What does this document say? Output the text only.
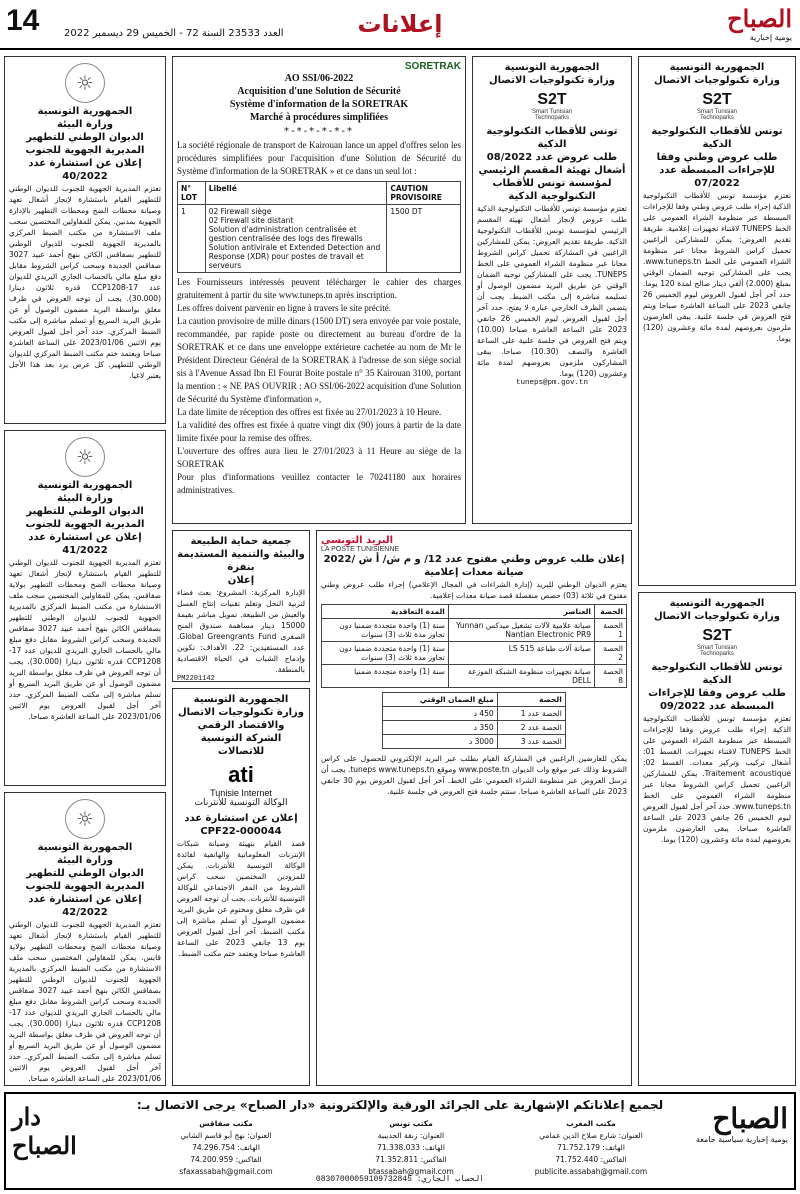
14 العدد 23533 السنة 72 - الخميس 29 ديسمبر 2022	إعلانات	الصباح
يومية إخبارية
☼
الجمهورية التونسية
وزارة البيئة
الديوان الوطني للتطهير
المديرية الجهوية للجنوب
إعلان عن استشارة عدد 40/2022
تعتزم المديرية الجهوية للجنوب للديوان الوطني للتطهير القيام باستشارة لإنجاز أشغال تعهد وصيانة محطات الضخ ومحطات التطهير بالإدارة الجهوية بمدنين. يمكن للمقاولين المختصين سحب ملف الاستشارة من مكتب الضبط المركزي بالمديرية الجهوية للجنوب للديوان الوطني للتطهير بصفاقس الكائن بنهج أحمد عبيد 3027 صفاقس الجديدة وسحب كراس الشروط مقابل دفع مبلغ مالي بالحساب الجاري البريدي للديوان عدد 17-CCP1208 قدره ثلاثون دينارا (30.000). يجب أن توجه العروض في ظرف مغلق بواسطة البريد مضمون الوصول أو عن طريق البريد السريع أو تسلم مباشرة إلى مكتب الضبط المركزي. حدد آخر أجل لقبول العروض يوم الاثنين 2023/01/06 على الساعة العاشرة صباحا ويعتمد ختم مكتب الضبط المركزي للديوان الوطني للتطهير. كل عرض يرد بعد هذا الأجل يعتبر لاغيا.
☼
الجمهورية التونسية
وزارة البيئة
الديوان الوطني للتطهير
المديرية الجهوية للجنوب
إعلان عن استشارة عدد 41/2022
تعتزم المديرية الجهوية للجنوب للديوان الوطني للتطهير القيام باستشارة لإنجاز أشغال تعهد وصيانة محطات الضخ ومحطات التطهير بولاية صفاقس. يمكن للمقاولين المختصين سحب ملف الاستشارة من مكتب الضبط المركزي بالمديرية الجهوية للجنوب للديوان الوطني للتطهير بصفاقس الكائن بنهج أحمد عبيد 3027 صفاقس الجديدة وسحب كراس الشروط مقابل دفع مبلغ مالي بالحساب الجاري البريدي للديوان عدد 17-CCP1208 قدره ثلاثون دينارا (30.000). يجب أن توجه العروض في ظرف مغلق بواسطة البريد مضمون الوصول أو عن طريق البريد السريع أو تسلم مباشرة إلى مكتب الضبط المركزي. حدد آخر أجل لقبول العروض يوم الاثنين 2023/01/06 على الساعة العاشرة صباحا.
☼
الجمهورية التونسية
وزارة البيئة
الديوان الوطني للتطهير
المديرية الجهوية للجنوب
إعلان عن استشارة عدد 42/2022
تعتزم المديرية الجهوية للجنوب للديوان الوطني للتطهير القيام باستشارة لإنجاز أشغال تعهد وصيانة محطات الضخ ومحطات التطهير بولاية قابس. يمكن للمقاولين المختصين سحب ملف الاستشارة من مكتب الضبط المركزي بالمديرية الجهوية للجنوب للديوان الوطني للتطهير بصفاقس الكائن بنهج أحمد عبيد 3027 صفاقس الجديدة وسحب كراس الشروط مقابل دفع مبلغ مالي بالحساب الجاري البريدي للديوان عدد 17-CCP1208 قدره ثلاثون دينارا (30.000). يجب أن توجه العروض في ظرف مغلق بواسطة البريد مضمون الوصول أو عن طريق البريد السريع أو تسلم مباشرة إلى مكتب الضبط المركزي. حدد آخر أجل لقبول العروض يوم الاثنين 2023/01/06 على الساعة العاشرة صباحا.
SORETRAK
AO SSI/06-2022
Acquisition d'une Solution de Sécurité
Système d'information de la SORETRAK
Marché à procédures simplifiées
*-*-*-*-*-*
La société régionale de transport de Kairouan lance un appel d'offres selon les procédures simplifiées pour l'acquisition d'une Solution de Sécurité du Système d'information de la SORETRAK » et ce dans un seul lot :
N° LOT	Libellé	CAUTION PROVISOIRE
1	02 Firewall siège
02 Firewall site distant
Solution d'administration centralisée et gestion centralisée des logs des firewalls
Solution antivirale et Extended Detection and Response (XDR) pour postes de travail et serveurs	1500 DT
Les Fournisseurs intéressés peuvent télécharger le cahier des charges gratuitement à partir du site www.tuneps.tn après inscription.
Les offres doivent parvenir en ligne à travers le site précité.
La caution provisoire de mille dinars (1500 DT) sera envoyée par voie postale, recommandée, par rapide poste ou directement au bureau d'ordre de la SORETRAK et ce dans une enveloppe extérieure cachetée au nom de Mr le Président Directeur Général de la SORETRAK à l'adresse de son siège social sis à l'Avenue Assad Ibn El Fourat Boite postale n° 35 Kairouan 3100, portant la mention : « NE PAS OUVRIR : AO SSI/06-2022 acquisition d'une Solution de Sécurité du Système d'information »,
La date limite de réception des offres est fixée au 27/01/2023 à 10 Heure.
La validité des offres est fixée à quatre vingt dix (90) jours à partir de la date limite fixée pour la remise des offres.
L'ouverture des offres aura lieu le 27/01/2023 à 11 Heure au siège de la SORETRAK
Pour plus d'informations veuillez contacter le 70241180 aux horaires administratives.
جمعية حماية الطبيعة والبيئة والتنمية المستديمة بنفزة
إعلان
الإدارة المركزية: المشروع: بعث فضاء لتربية النحل وتعلم تقنيات إنتاج العسل والعيش من الطبيعة. تمويل مباشر بقيمة 15000 دينار مساهمة صندوق المنح الصغرى Global Greengrants Fund. عدد المستفيدين: 22. الأهداف: تكوين وإدماج الشباب في الحياة الاقتصادية بالمنطقة.
PM2201142
الجمهورية التونسية
وزارة تكنولوجيات الاتصال والاقتصاد الرقمي
الشركة التونسية للاتصالات
ati
Tunisie Internet
الوكالة التونسية للأنترنات
إعلان عن استشارة عدد CPF22-000044
قصد القيام بتهيئة وصيانة شبكات الإنترنات المعلوماتية والهاتفية لفائدة الوكالة التونسية للأنترنات. يمكن للمزودين المختصين سحب كراس الشروط من المقر الاجتماعي للوكالة التونسية للأنترنات. يجب أن توجه العروض في ظرف مغلق ومختوم عن طريق البريد مضمون الوصول أو تسلم مباشرة إلى مكتب الضبط. آخر أجل لقبول العروض يوم 13 جانفي 2023 على الساعة العاشرة صباحا ويعتمد ختم مكتب الضبط.
البريد التونسي
LA POSTE TUNISIENNE
إعلان طلب عروض وطني مفتوح عدد 12/ و م ش/ أ ش /2022
صيانة معدات إعلامية
يعتزم الديوان الوطني للبريد (إدارة الشراءات في المجال الإعلامي) إجراء طلب عروض وطني مفتوح في ثلاثة (03) حصص منفصلة قصد صيانة معدات إعلامية.
الحصة	العناصر	المدة التعاقدية
الحصة 1	صيانة علامية لآلات تشغيل ميدكس Yunnan Nantian Electronic PR9	سنة (1) واحدة متجددة ضمنيا دون تجاوز مدة ثلاث (3) سنوات
الحصة 2	صيانة آلات طباعة LS 515	سنة (1) واحدة متجددة ضمنيا دون تجاوز مدة ثلاث (3) سنوات
الحصة 8	صيانة تجهيزات منظومة الشبكة الموزعة DELL	سنة (1) واحدة متجددة ضمنيا
الحصة	مبلغ الضمان الوقتي
الحصة عدد 1	450 د
الحصة عدد 2	350 د
الحصة عدد 3	3000 د
يمكن للعارضين الراغبين في المشاركة القيام بطلب عبر البريد الإلكتروني للحصول على كراس الشروط وذلك عبر موقع واب الديوان www.poste.tn وموقع tuneps www.tuneps.tn. يجب أن ترسل العروض عبر منظومة الشراء العمومي على الخط. آخر أجل لقبول العروض يوم 30 جانفي 2023 على الساعة العاشرة صباحا. ستتم جلسة فتح العروض في جلسة علنية.
الجمهورية التونسية
وزارة تكنولوجيات الاتصال
S2T
Smart Tunisian Technoparks
تونس للأقطاب التكنولوجية الذكية
طلب عروض عدد 08/2022
أشغال تهيئة المقسم الرئيسي لمؤسسة تونس للأقطاب التكنولوجية الذكية
تعتزم مؤسسة تونس للأقطاب التكنولوجية الذكية طلب عروض لإنجاز أشغال تهيئة المقسم الرئيسي لمؤسسة تونس للأقطاب التكنولوجية الذكية. طريقة تقديم العروض: يمكن للمشاركين الراغبين في المشاركة تحميل كراس الشروط مجانا عبر منظومة الشراء العمومي على الخط TUNEPS. يجب على المشاركين توجيه الضمان الوقتي عن طريق البريد مضمون الوصول أو تسليمه مباشرة إلى مكتب الضبط. يجب أن يتضمن الظرف الخارجي عبارة لا يفتح. حدد آخر أجل لقبول العروض ليوم الخميس 26 جانفي 2023 على الساعة العاشرة صباحا (10.00) ويتم فتح العروض في جلسة علنية على الساعة العاشرة والنصف (10.30) صباحا. يبقى المشاركون ملزمون بعروضهم لمدة مائة وعشرون (120) يوما.
tuneps@pm.gov.tn
الجمهورية التونسية
وزارة تكنولوجيات الاتصال
S2T
Smart Tunisian Technoparks
تونس للأقطاب التكنولوجية الذكية
طلب عروض وطني وفقا للإجراءات المبسطة عدد 07/2022
تعتزم مؤسسة تونس للأقطاب التكنولوجية الذكية إجراء طلب عروض وطني وفقا للإجراءات المبسطة عبر منظومة الشراء العمومي على الخط TUNEPS لاقتناء تجهيزات إعلامية. طريقة تقديم العروض: يمكن للمشاركين الراغبين تحميل كراس الشروط مجانا عبر منظومة الشراء العمومي على الخط www.tuneps.tn. يجب على المشاركين توجيه الضمان الوقتي بمبلغ (2.000) ألفي دينار صالح لمدة 120 يوما. حدد آخر أجل لقبول العروض ليوم الخميس 26 جانفي 2023 على الساعة العاشرة صباحا ويتم فتح العروض في جلسة علنية. يبقى العارضون ملزمون بعروضهم لمدة مائة وعشرون (120) يوما.
الجمهورية التونسية
وزارة تكنولوجيات الاتصال
S2T
Smart Tunisian Technoparks
تونس للأقطاب التكنولوجية الذكية
طلب عروض وفقا للإجراءات المبسطة عدد 09/2022
تعتزم مؤسسة تونس للأقطاب التكنولوجية الذكية إجراء طلب عروض وفقا للإجراءات المبسطة عبر منظومة الشراء العمومي على الخط TUNEPS لاقتناء تجهيزات. القسط 01: أشغال تركيب وتركيز معدات. القسط 02: Traitement acoustique. يمكن للمشاركين الراغبين تحميل كراس الشروط مجانا عبر منظومة الشراء العمومي على الخط www.tuneps.tn. حدد آخر أجل لقبول العروض ليوم الخميس 26 جانفي 2023 على الساعة العاشرة صباحا. يبقى العارضون ملزمون بعروضهم لمدة مائة وعشرون (120) يوما.
لجميع إعلاناتكم الإشهارية على الجرائد الورقية والإلكترونية «دار الصباح» يرجى الاتصال بـ:	الصباح
يومية إخبارية سياسية جامعة
دار الصباح
مكتب المغرب
العنوان: شارع صلاح الدين عمامي
الهاتف: 71.752.179
الفاكس: 71.752.440
publicite.assabah@gmail.com
مكتب تونس
العنوان: زنقة الحديبية
الهاتف: 71.338.033
الفاكس: 71.352.811
btassabah@gmail.com
مكتب صفاقس
العنوان: نهج أبو قاسم الشابي
الهاتف: 74.296.754
الفاكس: 74.200.959
sfaxassabah@gmail.com
الحساب الجاري: 08307000059109732845
